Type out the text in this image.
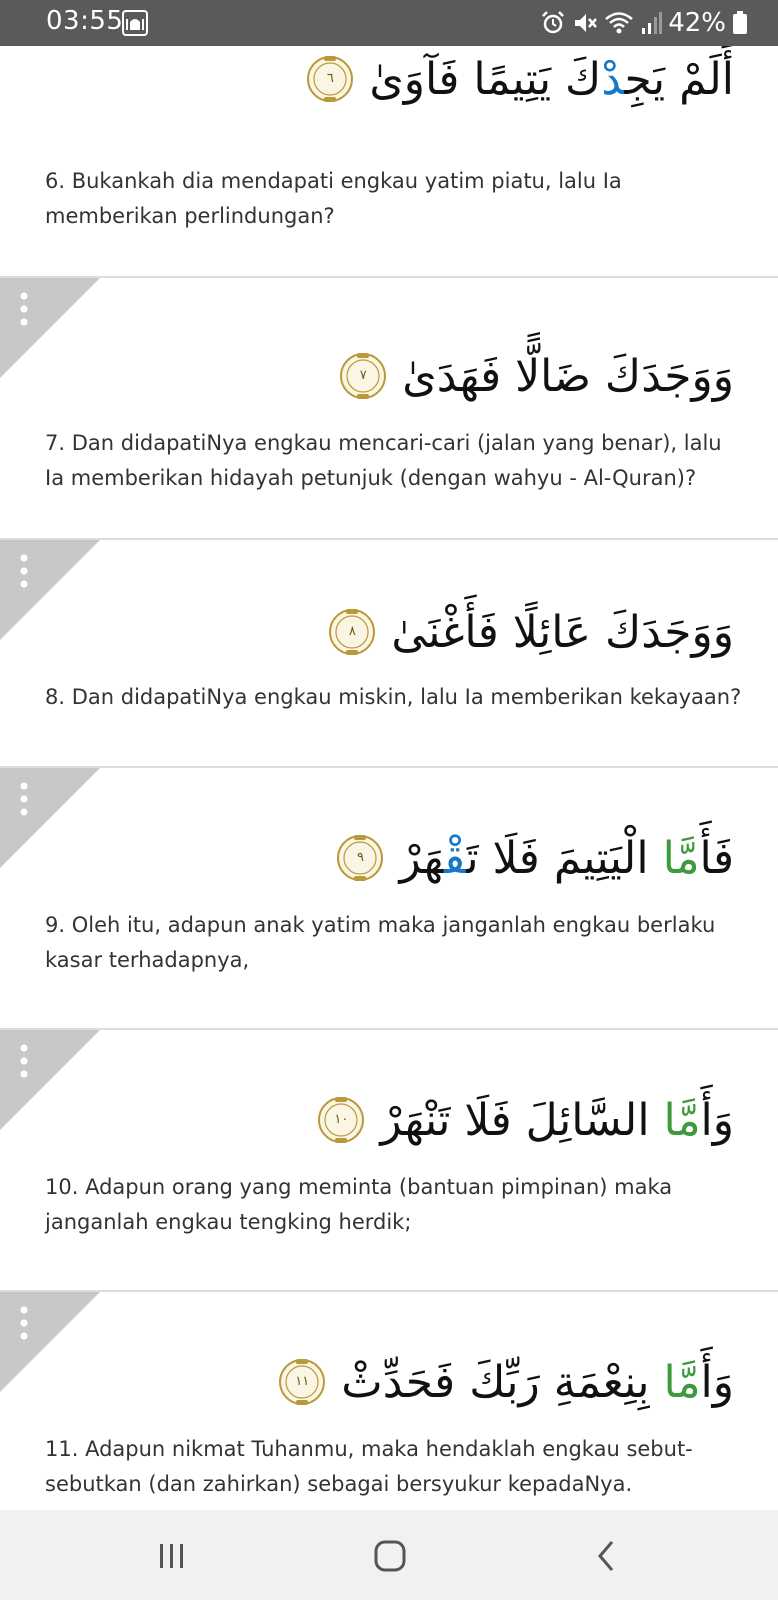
03:55	42%
أَلَمْ يَجِدْكَ يَتِيمًا فَآوَىٰ
٦
6. Bukankah dia mendapati engkau yatim piatu, lalu Ia memberikan perlindungan?
وَوَجَدَكَ ضَالًّا فَهَدَىٰ
٧
7. Dan didapatiNya engkau mencari-cari (jalan yang benar), lalu Ia memberikan hidayah petunjuk (dengan wahyu - Al-Quran)?
وَوَجَدَكَ عَائِلًا فَأَغْنَىٰ
٨
8. Dan didapatiNya engkau miskin, lalu Ia memberikan kekayaan?
فَأَمَّا الْيَتِيمَ فَلَا تَقْهَرْ
٩
9. Oleh itu, adapun anak yatim maka janganlah engkau berlaku kasar terhadapnya,
وَأَمَّا السَّائِلَ فَلَا تَنْهَرْ
١٠
10. Adapun orang yang meminta (bantuan pimpinan) maka janganlah engkau tengking herdik;
وَأَمَّا بِنِعْمَةِ رَبِّكَ فَحَدِّثْ
١١
11. Adapun nikmat Tuhanmu, maka hendaklah engkau sebut-sebutkan (dan zahirkan) sebagai bersyukur kepadaNya.
